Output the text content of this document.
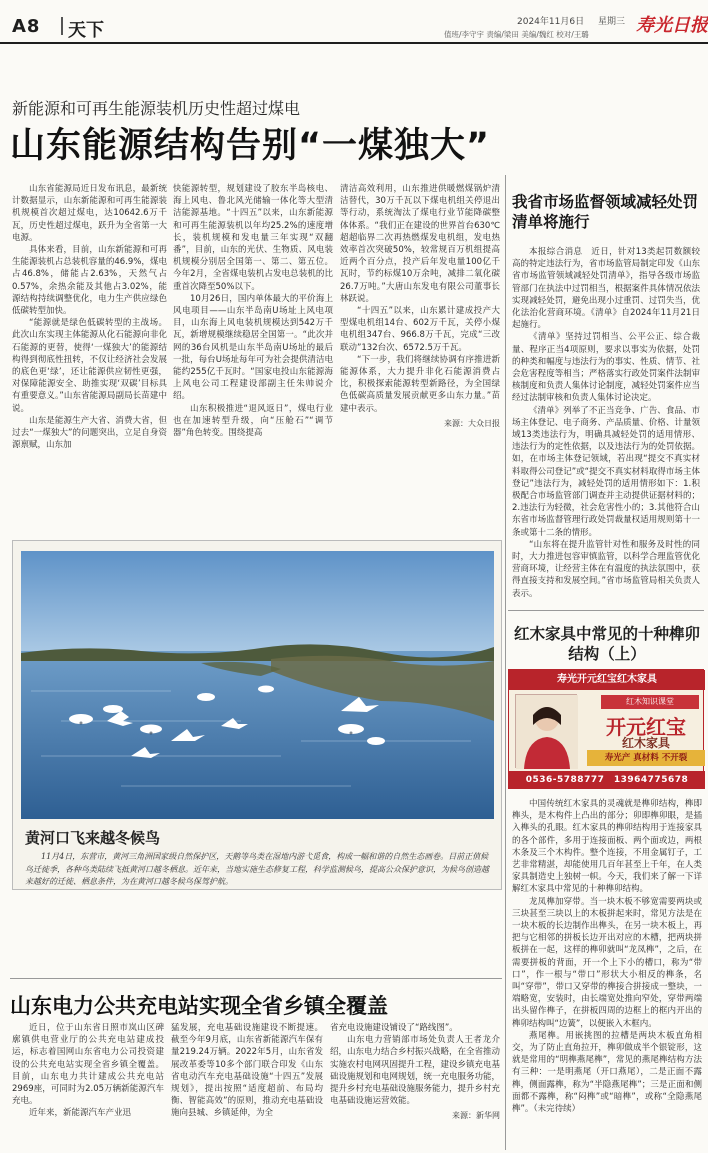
A8 天下	2024年11月6日 星期三
值班/李守宇 责编/梁田 美编/魏红 校对/王璐	寿光日报
新能源和可再生能源装机历史性超过煤电
山东能源结构告别“一煤独大”

山东省能源局近日发布讯息，最新统计数据显示，山东新能源和可再生能源装机规模首次超过煤电，达10642.6万千瓦，历史性超过煤电，跃升为全省第一大电源。

具体来看，目前，山东新能源和可再生能源装机占总装机容量的46.9%，煤电占46.8%，储能占2.63%，天然气占0.57%，余热余能及其他占3.02%，能源结构持续调整优化，电力生产供应绿色低碳转型加快。

“能源就是绿色低碳转型的主战场。此次山东实现主体能源从化石能源向非化石能源的更替，使得‘一煤独大’的能源结构得到彻底性扭转，不仅让经济社会发展的底色更‘绿’，还让能源供应韧性更强，对保障能源安全、助推实现‘双碳’目标具有重要意义。”山东省能源局副局长苗建中说。

山东是能源生产大省、消费大省，但过去“一煤独大”的问题突出，立足自身资源禀赋，山东加

快能源转型，规划建设了胶东半岛核电、海上风电、鲁北风光储输一体化等大型清洁能源基地。“十四五”以来，山东新能源和可再生能源装机以年均25.2%的速度增长，装机规模和发电量三年实现“双翻番”，目前，山东的光伏、生物质、风电装机规模分别居全国第一、第二、第五位。今年2月，全省煤电装机占发电总装机的比重首次降至50%以下。

10月26日，国内单体最大的平价海上风电项目——山东半岛南U场址上风电项目，山东海上风电装机规模达到542万千瓦，新增规模继续稳居全国第一。“此次并网的36台风机是山东半岛南U场址的最后一批，每台U场址每年可为社会提供清洁电能约255亿千瓦时。“国家电投山东能源海上风电公司工程建设部副主任朱帅说介绍。

山东积极推进“退风返日”，煤电行业也在加速转型升级，向“压舱石”“调节器”角色转变。围绕提高

清洁高效利用，山东推进供暖燃煤锅炉清洁替代，30万千瓦以下煤电机组关停退出等行动，系统淘汰了煤电行业节能降碳整体体系。“我们正在建设的世界首台630℃超超临界二次再热燃煤发电机组，发电热效率首次突破50%，较常规百万机组提高近两个百分点，投产后年发电量100亿千瓦时，节约标煤10万余吨，减排二氧化碳26.7万吨。”大唐山东发电有限公司董事长林跃说。

“十四五”以来，山东累计建成投产大型煤电机组14台、602万千瓦，关停小煤电机组347台、966.8万千瓦，完成“三改联动”132台次、6572.5万千瓦。

“下一步，我们将继续协调有序推进新能源体系，大力提升非化石能源消费占比，积极探索能源转型新路径，为全国绿色低碳高质量发展贡献更多山东力量。”苗建中表示。

来源：大众日报
我省市场监督领域减轻处罚清单将施行

本报综合消息　近日，针对13类起罚数额较高的特定违法行为，省市场监管局制定印发《山东省市场监管领域减轻处罚清单》，指导各级市场监管部门在执法中过罚相当，根据案件具体情况依法实现减轻处罚，避免出现小过重罚、过罚失当，优化法治化营商环境。《清单》自2024年11月21日起施行。

《清单》坚持过罚相当、公平公正、综合裁量、程序正当4项原则，要求以事实为依据，处罚的种类和幅度与违法行为的事实、性质、情节、社会危害程度等相当；严格落实行政处罚案件法制审核制度和负责人集体讨论制度，减轻处罚案件应当经过法制审核和负责人集体讨论决定。

《清单》列举了不正当竞争、广告、食品、市场主体登记、电子商务、产品质量、价格、计量领域13类违法行为，明确具减轻处罚的适用情形、违法行为的定性依据，以及违法行为的处罚依据。如，在市场主体登记领域，若出现“提交不真实材料取得公司登记”或“提交不真实材料取得市场主体登记”违法行为，减轻处罚的适用情形如下：1.积极配合市场监管部门调查并主动提供证据材料的；2.违法行为轻微，社会危害性小的；3.其他符合山东省市场监督管理行政处罚裁量权适用规则第十一条或第十二条的情形。

“山东将在提升监管针对性和服务及时性的同时，大力推进包容审慎监管，以科学合理监管优化营商环境，让经营主体在有温度的执法氛围中，获得直接支持和发展空间。”省市场监管局相关负责人表示。

黄河口飞来越冬候鸟
11月4日，东营市，黄河三角洲国家级自然保护区，天鹅等鸟类在湿地内游弋觅食，构成一幅和谐的自然生态画卷。目前正值候鸟迁徙季，各种鸟类陆续飞抵黄河口越冬栖息。近年来，当地实施生态修复工程，科学监测候鸟，提高公众保护意识，为候鸟创造越来越好的迁徙、栖息条件，为在黄河口越冬候鸟保驾护航。
红木家具中常见的十种榫卯结构（上）
寿光开元红宝红木家具
红木知识课堂
开元红宝
红木家具
寿光产 真材料 不开裂
0536-5788777　13964775678

中国传统红木家具的灵魂就是榫卯结构，榫即榫头，是木构件上凸出的部分；卯即榫卯眼，是插入榫头的孔眼。红木家具的榫卯结构用于连接家具的各个部件，多用于连接面板、两个面或边，两根木条及三个木构件。整个连接，不用金属钉子，工艺非常精湛，却能使用几百年甚至上千年，在人类家具制造史上独树一帜。今天，我们来了解一下详解红木家具中常见的十种榫卯结构。

龙凤榫加穿带。当一块木板不够宽需要两块或三块甚至三块以上的木板拼起来时，常见方法是在一块木板的长边制作出榫头，在另一块木板上，再把与它相邻的拼板长边开出对应的木槽，把两块拼板拼在一起，这样的榫卯就叫“龙凤榫”，之后，在需要拼板的背面，开一个上下小的槽口，称为“带口”，作一根与“带口”形状大小相反的榫条，名叫“穿带”，带口又穿带的榫接合拼接成一整块，一端略宽，安装时，由长端宽处推向窄处，穿带两端出头留作榫子，在拼板四周的边框上的框内开出的榫卯结构叫“边簧”，以便嵌入木框内。

燕尾榫。用嵌挑图的拉槽是两块木板直角相交，为了防止直角拉开，榫卯做成半个银锭形，这就是常用的“明榫燕尾榫”，常见的燕尾榫结构方法有三种：一是明燕尾（开口燕尾），二是正面不露榫，侧面露榫，称为“半隐燕尾榫”；三是正面和侧面都不露榫，称“闷榫”或“暗榫”，或称“全隐燕尾榫”。（未完待续）

山东电力公共充电站实现全省乡镇全覆盖

近日，位于山东省日照市岚山区碑廓镇供电营业厅的公共充电站建成投运，标志着国网山东省电力公司投资建设的公共充电站实现全省乡镇全覆盖。目前，山东电力共计建成公共充电站2969座，可同时为2.05万辆新能源汽车充电。

近年来，新能源汽车产业迅

猛发展，充电基础设施建设不断提速。截至今年9月底，山东省新能源汽车保有量219.24万辆。2022年5月，山东省发展改革委等10多个部门联合印发《山东省电动汽车充电基础设施“十四五”发展规划》，提出按照“适度超前、布局均衡、智能高效”的原则，推动充电基础设施向县城、乡镇延伸，为全

省充电设施建设铺设了“路线图”。

山东电力营销部市场处负责人王者龙介绍，山东电力结合乡村振兴战略，在全省推动实施农村电网巩固提升工程，建设乡镇充电基础设施规划和电网规划，统一充电服务功能，提升乡村充电基础设施服务能力，提升乡村充电基础设施运营效能。

来源：新华网
